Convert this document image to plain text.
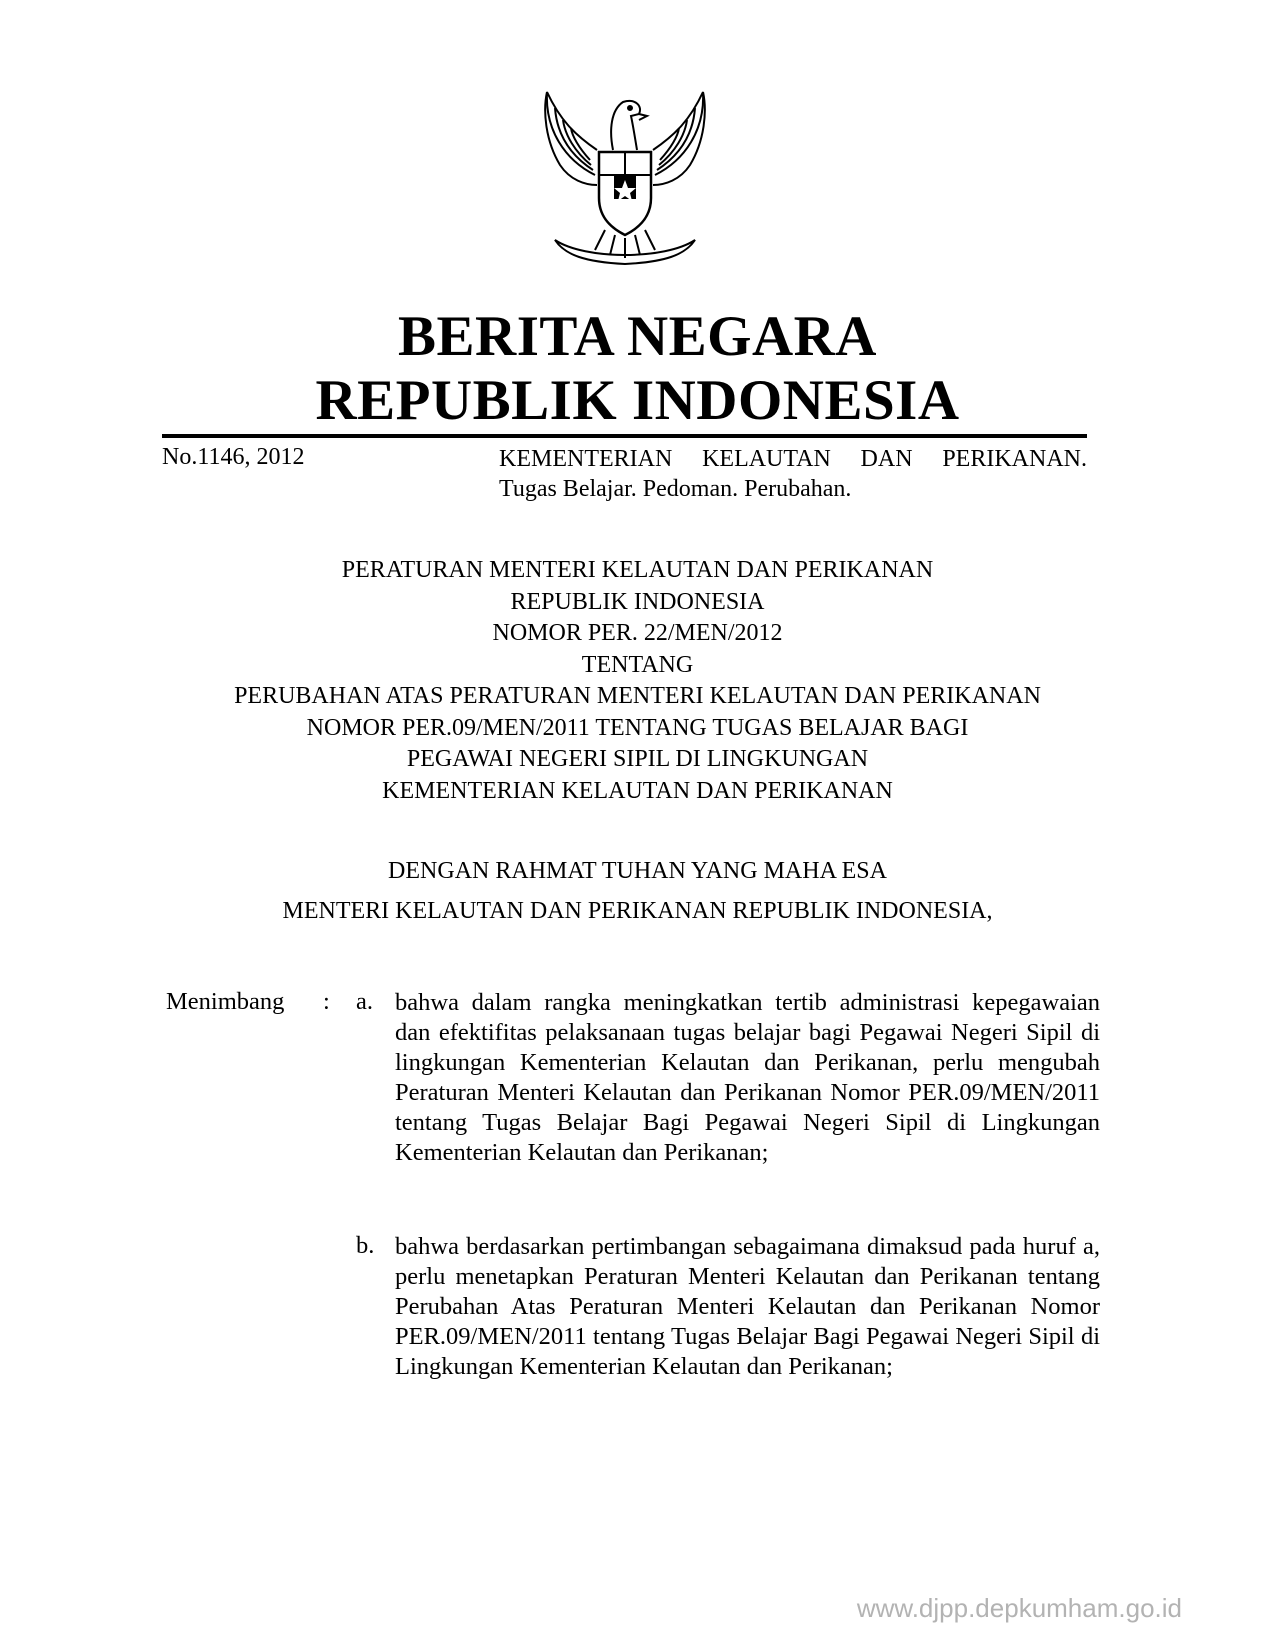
BERITA NEGARA
REPUBLIK INDONESIA
No.1146, 2012	KEMENTERIAN KELAUTAN DAN PERIKANAN.
Tugas Belajar. Pedoman. Perubahan.
PERATURAN MENTERI KELAUTAN DAN PERIKANAN
REPUBLIK INDONESIA
NOMOR PER. 22/MEN/2012
TENTANG
PERUBAHAN ATAS PERATURAN MENTERI KELAUTAN DAN PERIKANAN
NOMOR PER.09/MEN/2011 TENTANG TUGAS BELAJAR BAGI
PEGAWAI NEGERI SIPIL DI LINGKUNGAN
KEMENTERIAN KELAUTAN DAN PERIKANAN
DENGAN RAHMAT TUHAN YANG MAHA ESA
MENTERI KELAUTAN DAN PERIKANAN REPUBLIK INDONESIA,
Menimbang : a. bahwa dalam rangka meningkatkan tertib administrasi kepegawaian dan efektifitas pelaksanaan tugas belajar bagi Pegawai Negeri Sipil di lingkungan Kementerian Kelautan dan Perikanan, perlu mengubah Peraturan Menteri Kelautan dan Perikanan Nomor PER.09/MEN/2011 tentang Tugas Belajar Bagi Pegawai Negeri Sipil di Lingkungan Kementerian Kelautan dan Perikanan;
b. bahwa berdasarkan pertimbangan sebagaimana dimaksud pada huruf a, perlu menetapkan Peraturan Menteri Kelautan dan Perikanan tentang Perubahan Atas Peraturan Menteri Kelautan dan Perikanan Nomor PER.09/MEN/2011 tentang Tugas Belajar Bagi Pegawai Negeri Sipil di Lingkungan Kementerian Kelautan dan Perikanan;
www.djpp.depkumham.go.id
